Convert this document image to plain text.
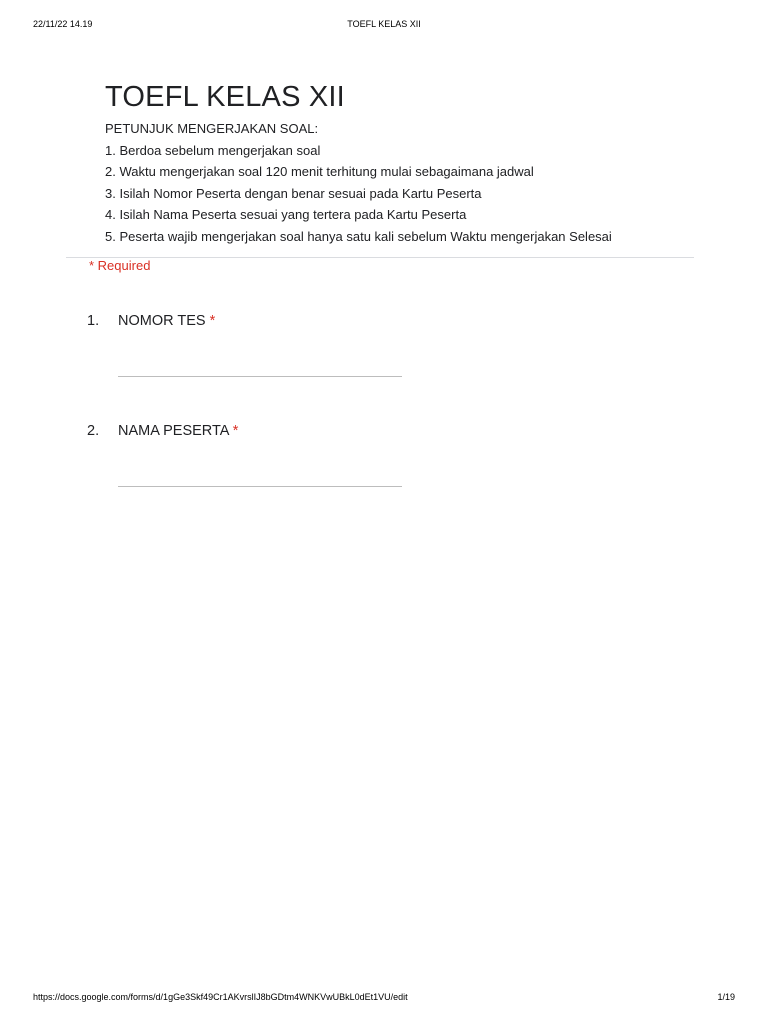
22/11/22 14.19	TOEFL KELAS XII
TOEFL KELAS XII
PETUNJUK MENGERJAKAN SOAL:
1. Berdoa sebelum mengerjakan soal
2. Waktu mengerjakan soal 120 menit terhitung mulai sebagaimana jadwal
3. Isilah Nomor Peserta dengan benar sesuai pada Kartu Peserta
4. Isilah Nama Peserta sesuai yang tertera pada Kartu Peserta
5. Peserta wajib mengerjakan soal hanya satu kali sebelum Waktu mengerjakan Selesai
* Required
1. NOMOR TES *
2. NAMA PESERTA *
https://docs.google.com/forms/d/1gGe3Skf49Cr1AKvrslIJ8bGDtm4WNKVwUBkL0dEt1VU/edit	1/19
